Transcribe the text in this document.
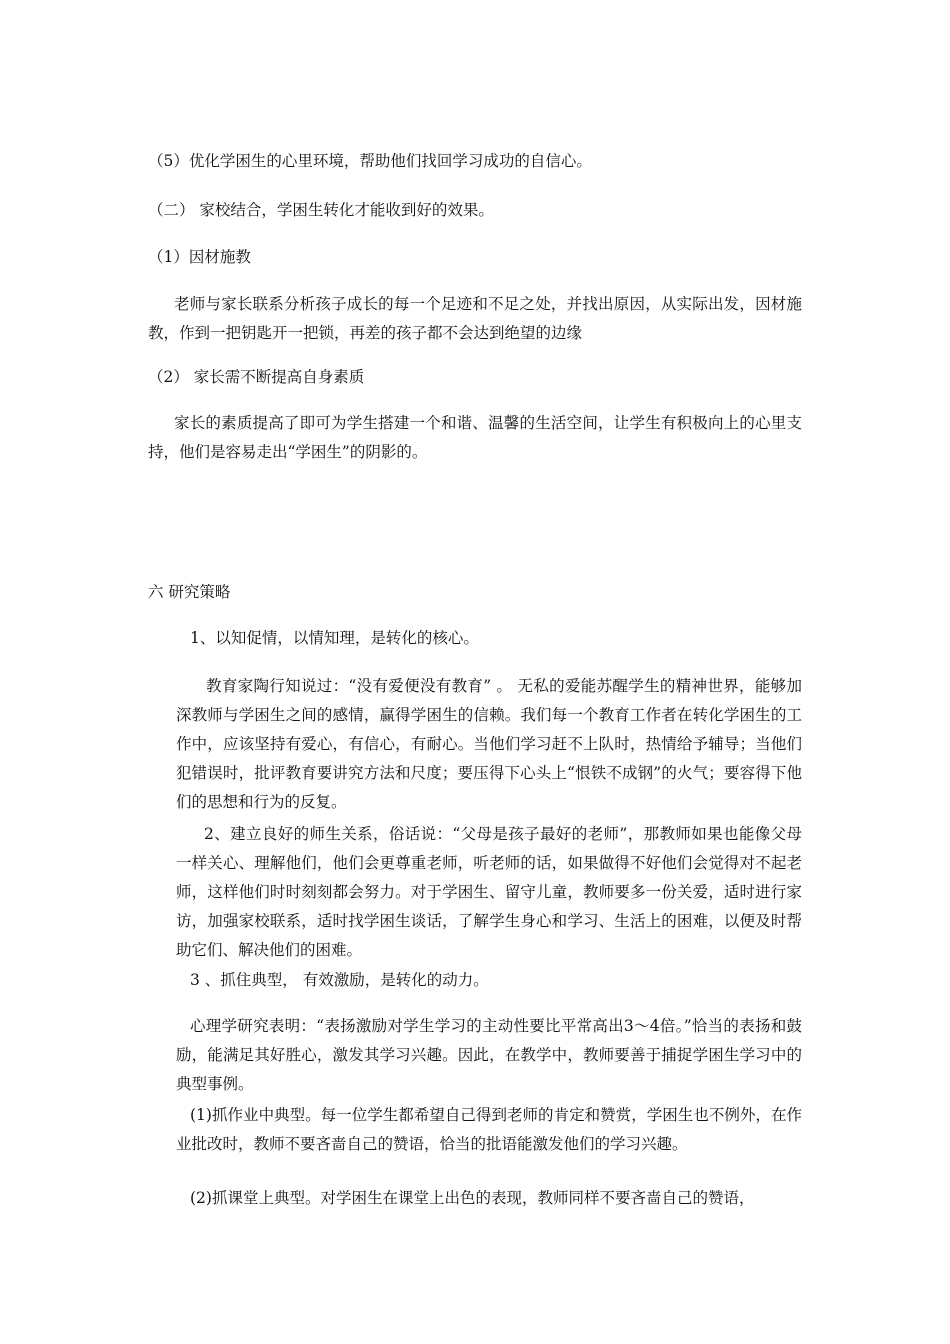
（5）优化学困生的心里环境，帮助他们找回学习成功的自信心。
（二） 家校结合，学困生转化才能收到好的效果。
（1）因材施教
老师与家长联系分析孩子成长的每一个足迹和不足之处，并找出原因，从实际出发，因材施教，作到一把钥匙开一把锁，再差的孩子都不会达到绝望的边缘
（2） 家长需不断提高自身素质
家长的素质提高了即可为学生搭建一个和谐、温馨的生活空间，让学生有积极向上的心里支持，他们是容易走出“学困生”的阴影的。
六 研究策略
1、以知促情，以情知理，是转化的核心。
教育家陶行知说过：“没有爱便没有教育” 。 无私的爱能苏醒学生的精神世界，能够加深教师与学困生之间的感情，赢得学困生的信赖。我们每一个教育工作者在转化学困生的工作中，应该坚持有爱心，有信心，有耐心。当他们学习赶不上队时，热情给予辅导；当他们犯错误时，批评教育要讲究方法和尺度；要压得下心头上“恨铁不成钢”的火气；要容得下他们的思想和行为的反复。
2、建立良好的师生关系，俗话说：“父母是孩子最好的老师”，那教师如果也能像父母一样关心、理解他们，他们会更尊重老师，听老师的话，如果做得不好他们会觉得对不起老师，这样他们时时刻刻都会努力。对于学困生、留守儿童，教师要多一份关爱，适时进行家访，加强家校联系，适时找学困生谈话，了解学生身心和学习、生活上的困难，以便及时帮助它们、解决他们的困难。
3 、抓住典型， 有效激励，是转化的动力。
心理学研究表明：“表扬激励对学生学习的主动性要比平常高出3～4倍。”恰当的表扬和鼓励，能满足其好胜心，激发其学习兴趣。因此，在教学中，教师要善于捕捉学困生学习中的典型事例。
(1)抓作业中典型。每一位学生都希望自己得到老师的肯定和赞赏，学困生也不例外，在作业批改时，教师不要吝啬自己的赞语，恰当的批语能激发他们的学习兴趣。
(2)抓课堂上典型。对学困生在课堂上出色的表现，教师同样不要吝啬自己的赞语，
